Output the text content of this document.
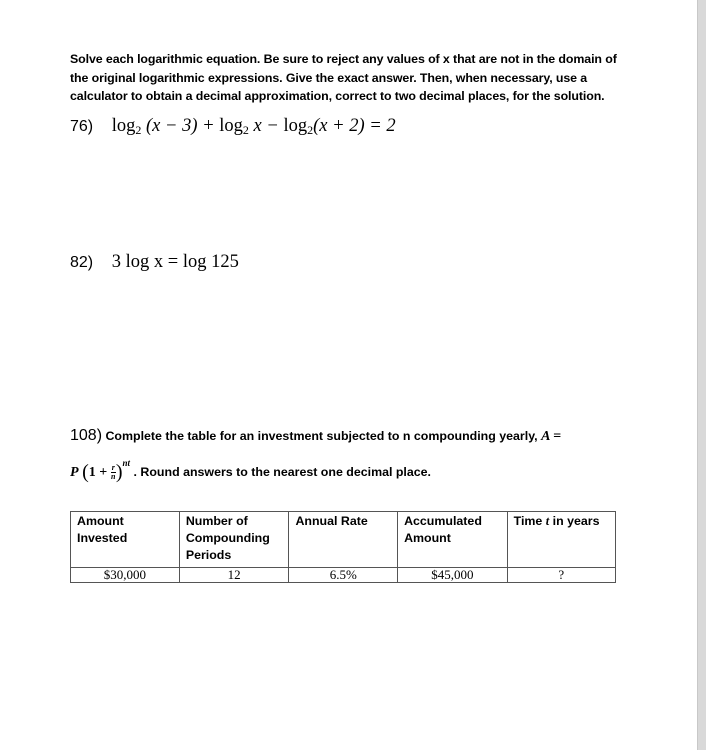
Solve each logarithmic equation. Be sure to reject any values of x that are not in the domain of the original logarithmic expressions. Give the exact answer. Then, when necessary, use a calculator to obtain a decimal approximation, correct to two decimal places, for the solution.
76) $\log_2 (x - 3) + \log_2 x - \log_2(x + 2) = 2$
82) 3 log x = log 125
108) Complete the table for an investment subjected to n compounding yearly, A =
P $(1 + \frac{r}{n} )^{nt}$ . Round answers to the nearest one decimal place.
Amount Invested	Number of Compounding Periods	Annual Rate	Accumulated Amount	Time t in years
$30,000	12	6.5%	$45,000	?
